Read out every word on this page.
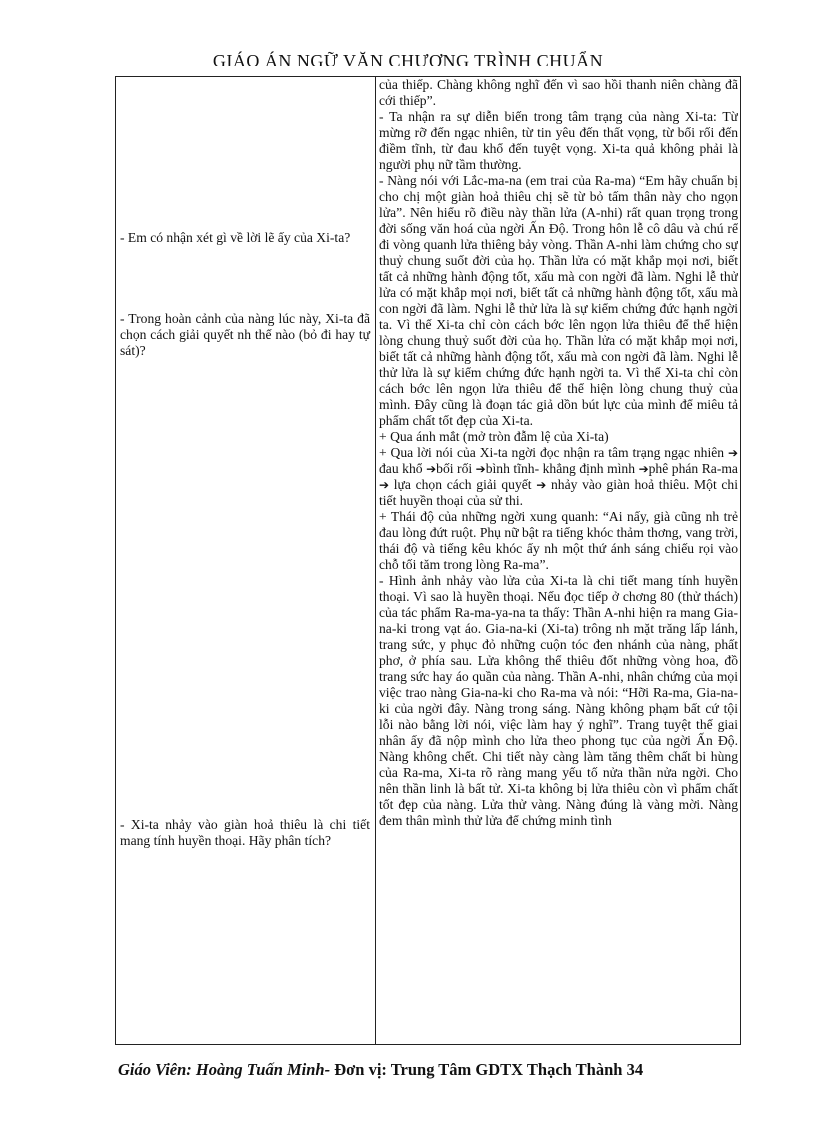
GIÁO ÁN NGỮ VĂN CHƯƠNG TRÌNH CHUẨN
- Em có nhận xét gì về lời lẽ ấy của Xi-ta?
- Trong hoàn cảnh của nàng lúc này, Xi-ta đã chọn cách giải quyết nh thế nào (bỏ đi hay tự sát)?
- Xi-ta nhảy vào giàn hoả thiêu là chi tiết mang tính huyền thoại. Hãy phân tích?

của thiếp. Chàng không nghĩ đến vì sao hồi thanh niên chàng đã cới thiếp”.

- Ta nhận ra sự diễn biến trong tâm trạng của nàng Xi-ta: Từ mừng rỡ đến ngạc nhiên, từ tin yêu đến thất vọng, từ bối rối đến điềm tĩnh, từ đau khổ đến tuyệt vọng. Xi-ta quả không phải là người phụ nữ tầm thường.

- Nàng nói với Lắc-ma-na (em trai của Ra-ma) “Em hãy chuẩn bị cho chị một giàn hoả thiêu chị sẽ từ bỏ tấm thân này cho ngọn lửa”. Nên hiểu rõ điều này thần lửa (A-nhi) rất quan trọng trong đời sống văn hoá của ngời Ấn Độ. Trong hôn lễ cô dâu và chú rể đi vòng quanh lửa thiêng bảy vòng. Thần A-nhi làm chứng cho sự thuỷ chung suốt đời của họ. Thần lửa có mặt khắp mọi nơi, biết tất cả những hành động tốt, xấu mà con ngời đã làm. Nghi lễ thử lửa có mặt khắp mọi nơi, biết tất cả những hành động tốt, xấu mà con ngời đã làm. Nghi lễ thử lửa là sự kiểm chứng đức hạnh ngời ta. Vì thế Xi-ta chỉ còn cách bớc lên ngọn lửa thiêu để thể hiện lòng chung thuỷ suốt đời của họ. Thần lửa có mặt khắp mọi nơi, biết tất cả những hành động tốt, xấu mà con ngời đã làm. Nghi lễ thử lửa là sự kiểm chứng đức hạnh ngời ta. Vì thế Xi-ta chỉ còn cách bớc lên ngọn lửa thiêu để thể hiện lòng chung thuỷ của mình. Đây cũng là đoạn tác giả dồn bút lực của mình để miêu tả phẩm chất tốt đẹp của Xi-ta.

+ Qua ánh mắt (mở tròn đẫm lệ của Xi-ta)

+ Qua lời nói của Xi-ta ngời đọc nhận ra tâm trạng ngạc nhiên ➔ đau khổ ➔bối rối ➔bình tĩnh- khẳng định mình ➔phê phán Ra-ma ➔ lựa chọn cách giải quyết ➔ nhảy vào giàn hoả thiêu. Một chi tiết huyền thoại của sử thi.

+ Thái độ của những ngời xung quanh: “Ai nấy, già cũng nh trẻ đau lòng đứt ruột. Phụ nữ bật ra tiếng khóc thảm thơng, vang trời, thái độ và tiếng kêu khóc ấy nh một thứ ánh sáng chiếu rọi vào chỗ tối tăm trong lòng Ra-ma”.

- Hình ảnh nhảy vào lửa của Xi-ta là chi tiết mang tính huyền thoại. Vì sao là huyền thoại. Nếu đọc tiếp ở chơng 80 (thử thách) của tác phẩm Ra-ma-ya-na ta thấy: Thần A-nhi hiện ra mang Gia-na-ki trong vạt áo. Gia-na-ki (Xi-ta) trông nh mặt trăng lấp lánh, trang sức, y phục đỏ những cuộn tóc đen nhánh của nàng, phất phơ, ở phía sau. Lửa không thể thiêu đốt những vòng hoa, đồ trang sức hay áo quần của nàng. Thần A-nhi, nhân chứng của mọi việc trao nàng Gia-na-ki cho Ra-ma và nói: “Hỡi Ra-ma, Gia-na-ki của ngời đây. Nàng trong sáng. Nàng không phạm bất cứ tội lỗi nào bằng lời nói, việc làm hay ý nghĩ”. Trang tuyệt thế giai nhân ấy đã nộp mình cho lửa theo phong tục của ngời Ấn Độ. Nàng không chết. Chi tiết này càng làm tăng thêm chất bi hùng của Ra-ma, Xi-ta rõ ràng mang yếu tố nửa thần nửa ngời. Cho nên thần linh là bất tử. Xi-ta không bị lửa thiêu còn vì phẩm chất tốt đẹp của nàng. Lửa thử vàng. Nàng đúng là vàng mời. Nàng đem thân mình thử lửa để chứng minh tình

Giáo Viên: Hoàng Tuấn Minh- Đơn vị: Trung Tâm GDTX Thạch Thành 34
